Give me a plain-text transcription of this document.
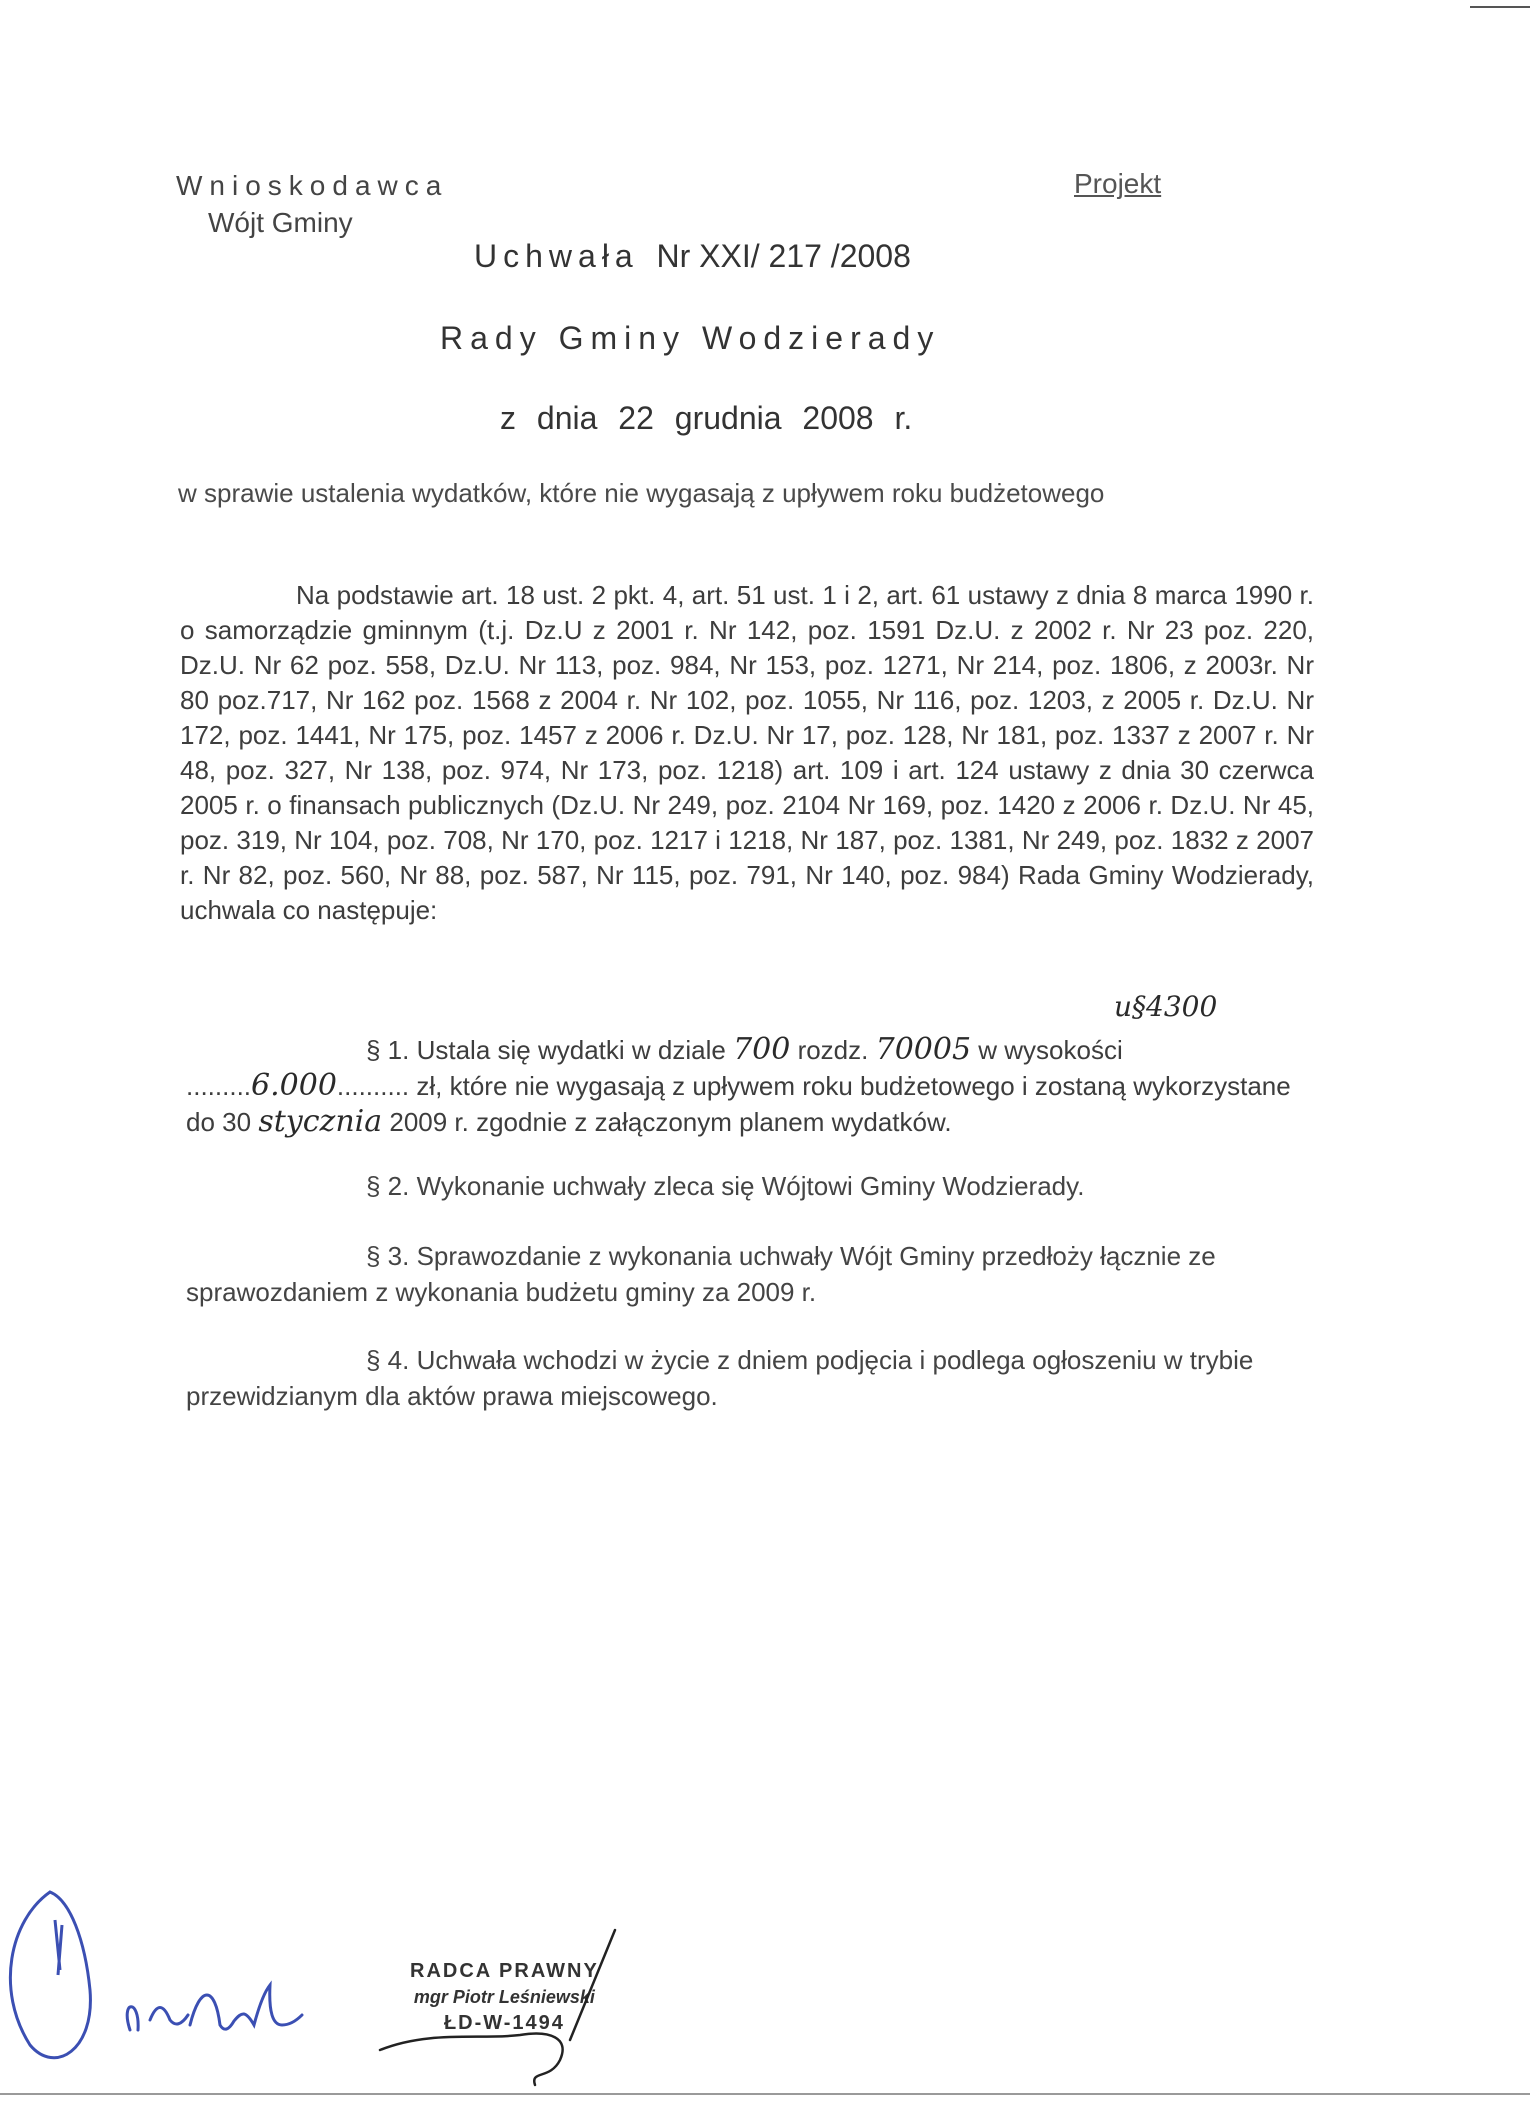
Wnioskodawca
Wójt Gminy
Projekt
Uchwała Nr XXI/ 217 /2008
Rady Gminy Wodzierady
z dnia 22 grudnia 2008 r.
w sprawie ustalenia wydatków, które nie wygasają z upływem roku budżetowego
Na podstawie art. 18 ust. 2 pkt. 4, art. 51 ust. 1 i 2, art. 61 ustawy z dnia 8 marca 1990 r. o samorządzie gminnym (t.j. Dz.U z 2001 r. Nr 142, poz. 1591 Dz.U. z 2002 r. Nr 23 poz. 220, Dz.U. Nr 62 poz. 558, Dz.U. Nr 113, poz. 984, Nr 153, poz. 1271, Nr 214, poz. 1806, z 2003r. Nr 80 poz.717, Nr 162 poz. 1568 z 2004 r. Nr 102, poz. 1055, Nr 116, poz. 1203, z 2005 r. Dz.U. Nr 172, poz. 1441, Nr 175, poz. 1457 z 2006 r. Dz.U. Nr 17, poz. 128, Nr 181, poz. 1337 z 2007 r. Nr 48, poz. 327, Nr 138, poz. 974, Nr 173, poz. 1218) art. 109 i art. 124 ustawy z dnia 30 czerwca 2005 r. o finansach publicznych (Dz.U. Nr 249, poz. 2104 Nr 169, poz. 1420 z 2006 r. Dz.U. Nr 45, poz. 319, Nr 104, poz. 708, Nr 170, poz. 1217 i 1218, Nr 187, poz. 1381, Nr 249, poz. 1832 z 2007 r. Nr 82, poz. 560, Nr 88, poz. 587, Nr 115, poz. 791, Nr 140, poz. 984) Rada Gminy Wodzierady, uchwala co następuje:
u§4300
§ 1. Ustala się wydatki w dziale 700 rozdz. 70005 w wysokości
.........6.000.......... zł, które nie wygasają z upływem roku budżetowego i zostaną wykorzystane do 30 stycznia 2009 r. zgodnie z załączonym planem wydatków.
§ 2. Wykonanie uchwały zleca się Wójtowi Gminy Wodzierady.
§ 3. Sprawozdanie z wykonania uchwały Wójt Gminy przedłoży łącznie ze sprawozdaniem z wykonania budżetu gminy za 2009 r.
§ 4. Uchwała wchodzi w życie z dniem podjęcia i podlega ogłoszeniu w trybie przewidzianym dla aktów prawa miejscowego.
RADCA PRAWNY
mgr Piotr Leśniewski
ŁD-W-1494
